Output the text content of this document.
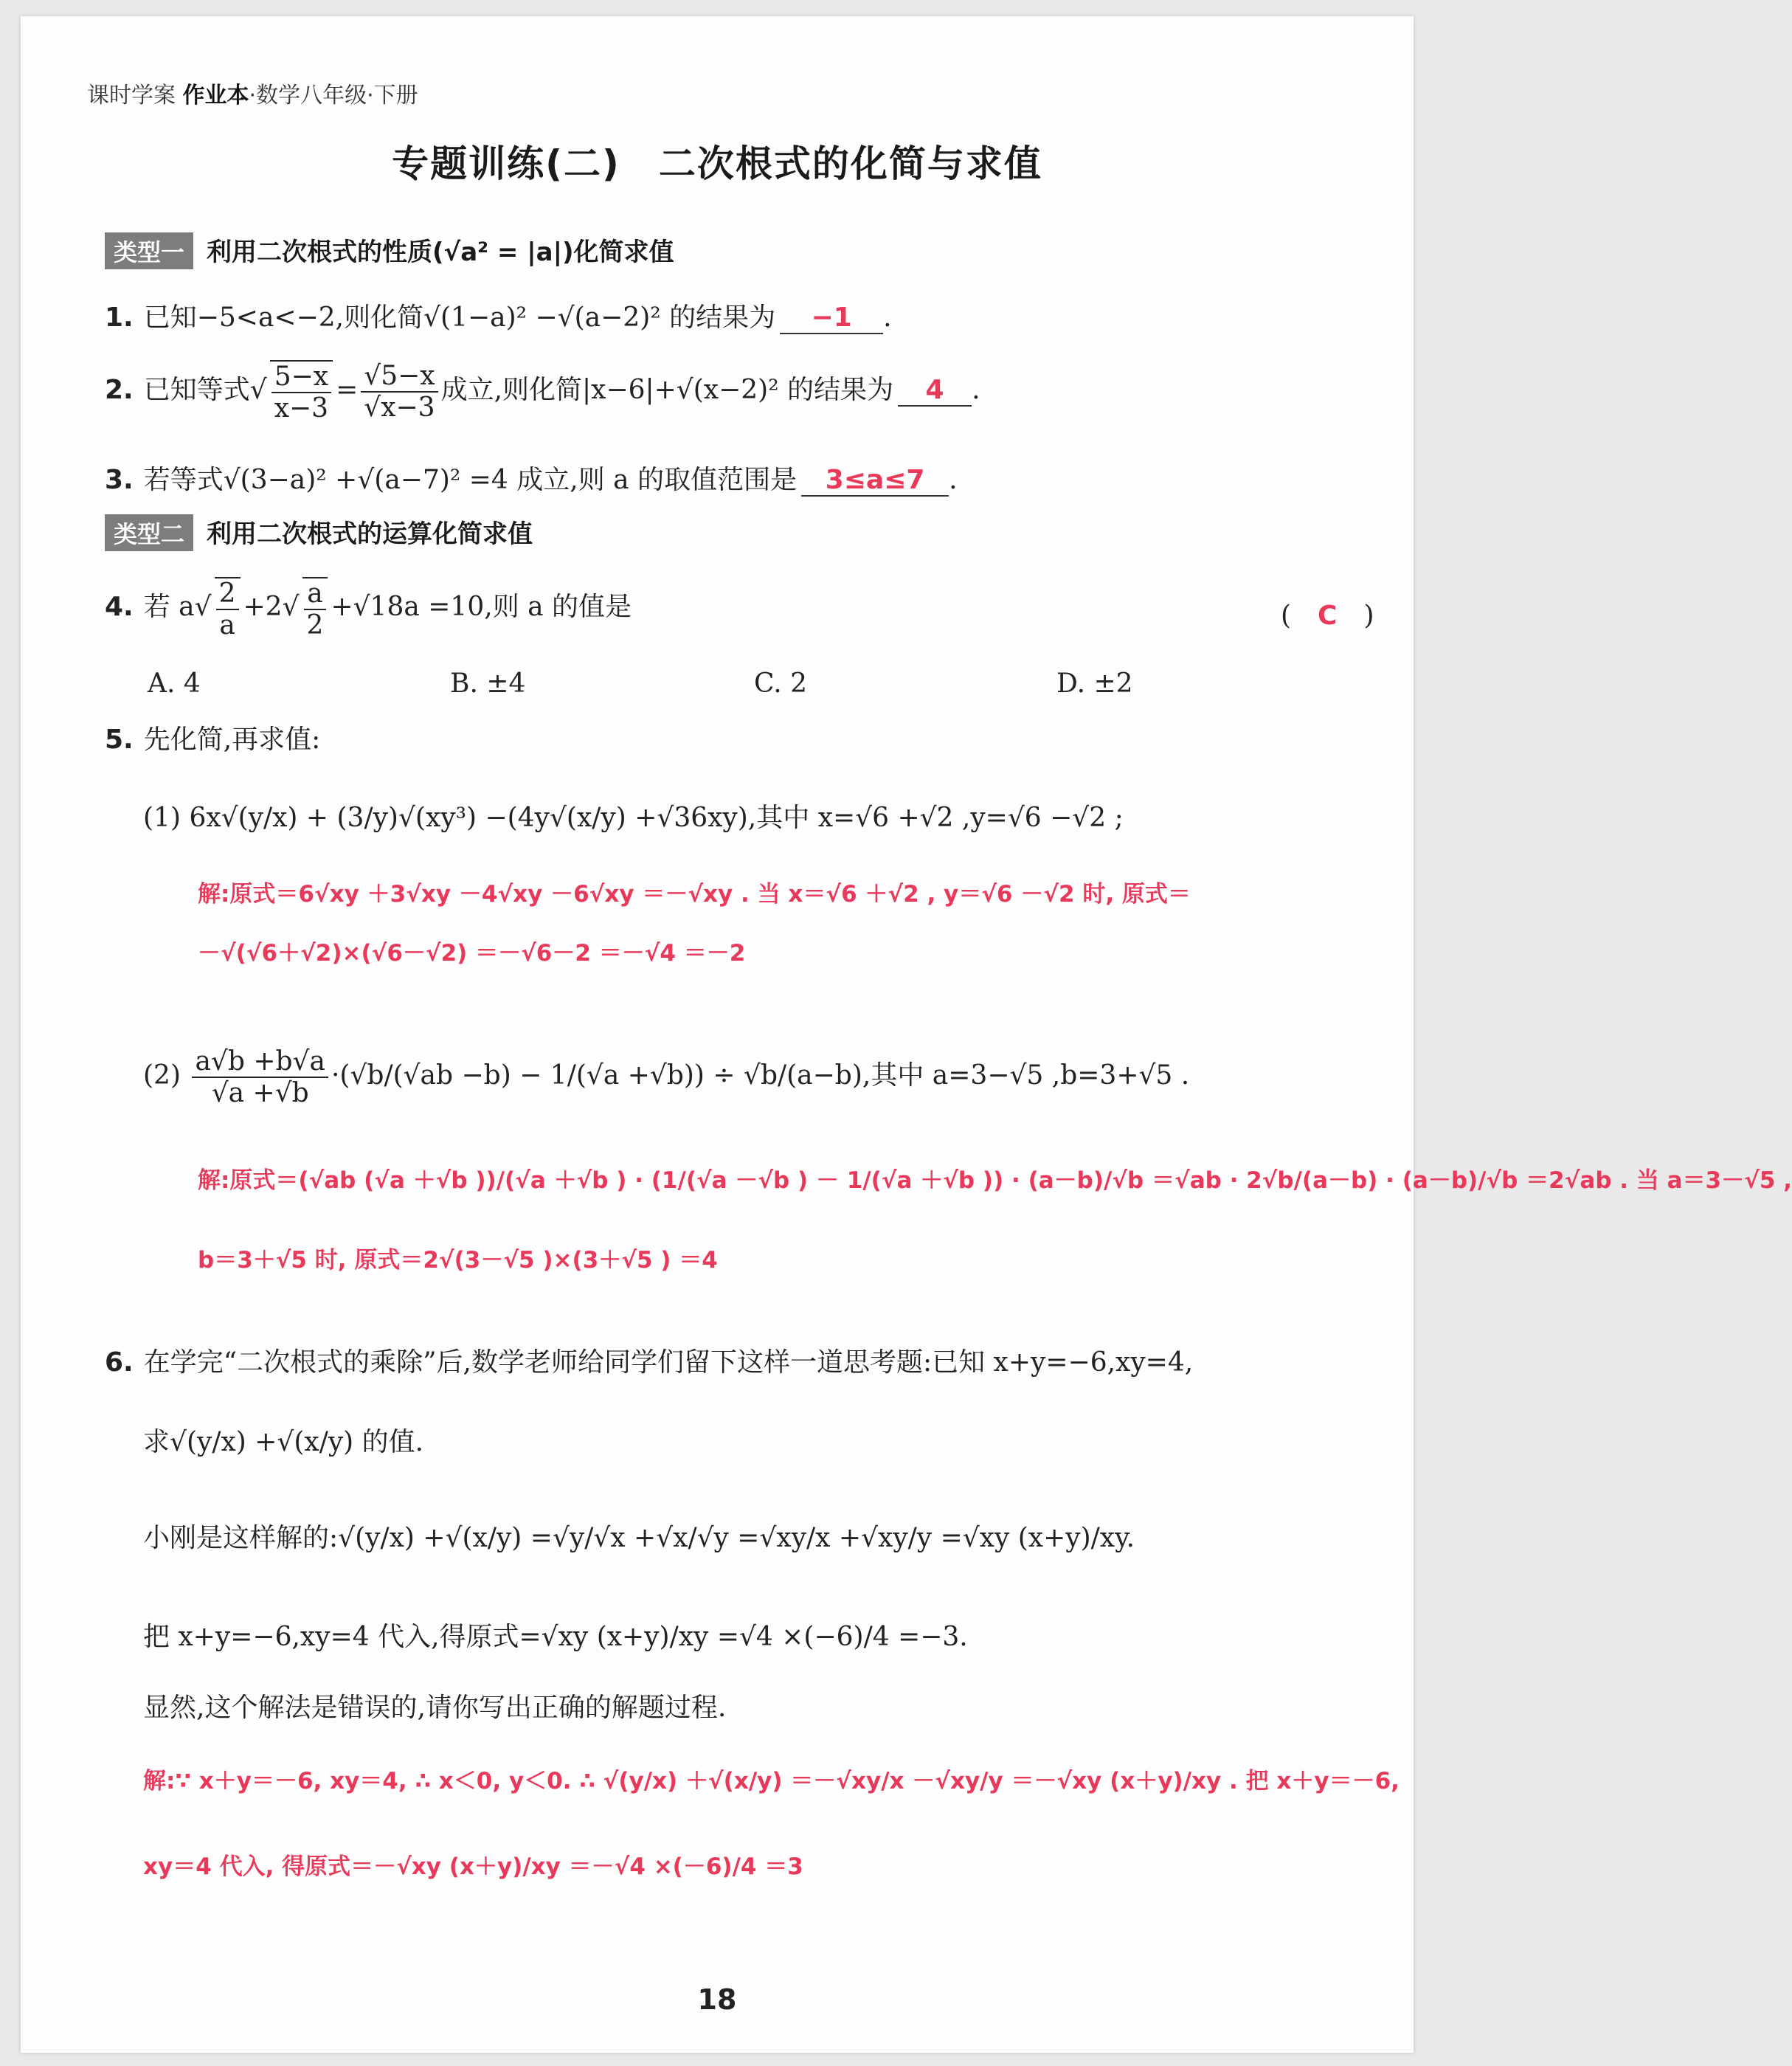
课时学案 作业本·数学八年级·下册
专题训练(二)　二次根式的化简与求值
类型一 利用二次根式的性质(√a² = |a|)化简求值
1. 已知−5<a<−2,则化简√(1−a)² −√(a−2)² 的结果为 −1 .
2. 已知等式√ $\frac{5-x}{x-3} = \frac{√5-x}{√x-3}$ 成立,则化简|x−6|+√(x−2)² 的结果为 4 .
3. 若等式√(3−a)² +√(a−7)² =4 成立,则 a 的取值范围是 3≤a≤7 .
类型二 利用二次根式的运算化简求值
4. 若 $a√ \frac{2}{a} +2√ \frac{a}{2} +√18a =10$,则 a 的值是	(　C　)
A. 4	B. ±4	C. 2	D. ±2
5. 先化简,再求值:
(1) 6x√(y/x) + (3/y)√(xy³) −(4y√(x/y) +√36xy),其中 x=√6 +√2 ,y=√6 −√2 ;
解:原式＝6√xy ＋3√xy －4√xy －6√xy ＝－√xy . 当 x＝√6 ＋√2 , y＝√6 －√2 时, 原式＝
－√(√6＋√2)×(√6－√2) ＝－√6－2 ＝－√4 ＝－2
$(2) \frac{a√b +b√a}{√a +√b} \cdot(√b/(√ab -b) - 1/(√a +√b)) \div √b/(a-b)$,其中 a=3−√5 ,b=3+√5 .
解:原式＝(√ab (√a ＋√b ))/(√a ＋√b ) · (1/(√a －√b ) － 1/(√a ＋√b )) · (a－b)/√b ＝√ab · 2√b/(a－b) · (a－b)/√b ＝2√ab . 当 a＝3－√5 ,
b＝3＋√5 时, 原式＝2√(3－√5 )×(3＋√5 ) ＝4
6. 在学完“二次根式的乘除”后,数学老师给同学们留下这样一道思考题:已知 x+y=−6,xy=4,
求√(y/x) +√(x/y) 的值.
小刚是这样解的:√(y/x) +√(x/y) =√y/√x +√x/√y =√xy/x +√xy/y =√xy (x+y)/xy.
把 x+y=−6,xy=4 代入,得原式=√xy (x+y)/xy =√4 ×(−6)/4 =−3.
显然,这个解法是错误的,请你写出正确的解题过程.
解:∵ x＋y＝－6, xy＝4, ∴ x＜0, y＜0. ∴ √(y/x) ＋√(x/y) ＝－√xy/x －√xy/y ＝－√xy (x＋y)/xy . 把 x＋y＝－6,
xy＝4 代入, 得原式＝－√xy (x＋y)/xy ＝－√4 ×(－6)/4 ＝3
18
